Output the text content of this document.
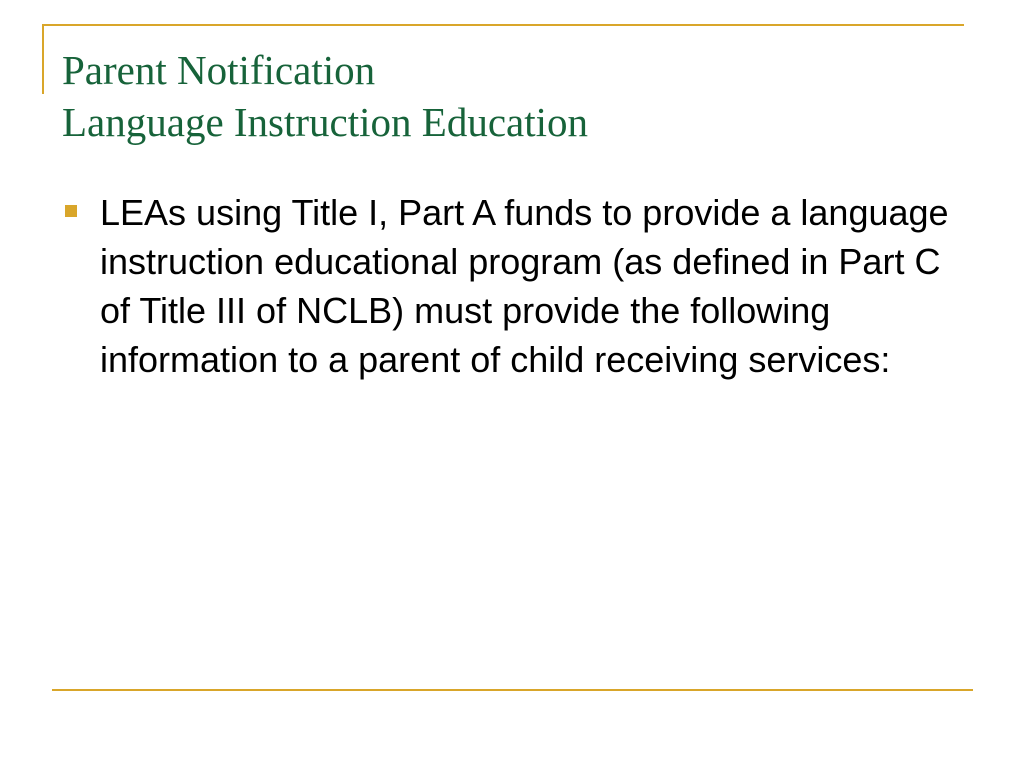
Parent Notification
Language Instruction Education
LEAs using Title I, Part A funds to provide a language instruction educational program (as defined in Part C of Title III of NCLB) must provide the following information to a parent of child receiving services:
